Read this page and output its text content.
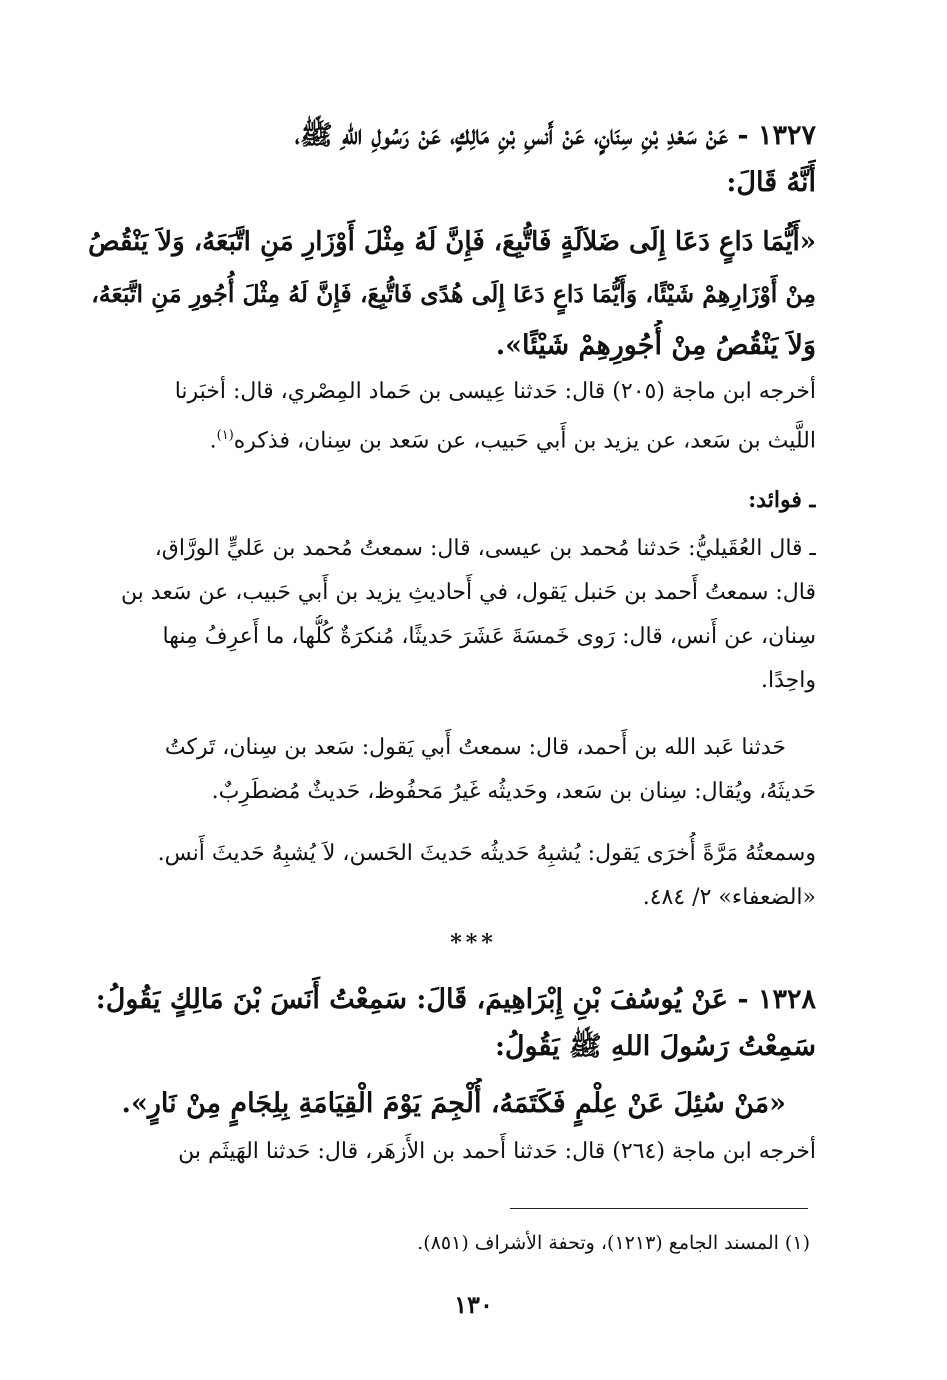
١٣٢٧ - عَنْ سَعْدِ بْنِ سِنَانٍ، عَنْ أَنسِ بْنِ مَالِكٍ، عَنْ رَسُولِ اللهِ ﷺ،
أَنَّهُ قَالَ:
«أَيُّمَا دَاعٍ دَعَا إِلَى ضَلاَلَةٍ فَاتُّبِعَ، فَإِنَّ لَهُ مِثْلَ أَوْزَارِ مَنِ اتَّبَعَهُ، وَلاَ يَنْقُصُ
مِنْ أَوْزَارِهِمْ شَيْئًا، وَأَيُّمَا دَاعٍ دَعَا إِلَى هُدًى فَاتُّبِعَ، فَإِنَّ لَهُ مِثْلَ أُجُورِ مَنِ اتَّبَعَهُ،
وَلاَ يَنْقُصُ مِنْ أُجُورِهِمْ شَيْئًا».
أخرجه ابن ماجة (٢٠٥) قال: حَدثنا عِيسى بن حَماد المِصْري، قال: أخبَرنا
اللَّيث بن سَعد، عن يزيد بن أَبي حَبيب، عن سَعد بن سِنان، فذكره$^{(١)}$.
ـ فوائد:
ـ قال العُقَيليُّ: حَدثنا مُحمد بن عيسى، قال: سمعتُ مُحمد بن عَليٍّ الورَّاق،
قال: سمعتُ أَحمد بن حَنبل يَقول، في أَحاديثِ يزيد بن أَبي حَبيب، عن سَعد بن
سِنان، عن أَنس، قال: رَوى خَمسَةَ عَشَرَ حَديثًا، مُنكرَةٌ كُلُّها، ما أَعرِفُ مِنها
واحِدًا.
حَدثنا عَبد الله بن أَحمد، قال: سمعتُ أَبي يَقول: سَعد بن سِنان، تَركتُ
حَديثَهُ، ويُقال: سِنان بن سَعد، وحَديثُه غَيرُ مَحفُوظ، حَديثٌ مُضطَرِبٌ.
وسمعتُهُ مَرَّةً أُخرَى يَقول: يُشبِهُ حَديثُه حَديثَ الحَسن، لاَ يُشبِهُ حَديثَ أَنس.
«الضعفاء» ٢/ ٤٨٤.
***
١٣٢٨ - عَنْ يُوسُفَ بْنِ إِبْرَاهِيمَ، قَالَ: سَمِعْتُ أَنَسَ بْنَ مَالِكٍ يَقُولُ:
سَمِعْتُ رَسُولَ اللهِ ﷺ يَقُولُ:
«مَنْ سُئِلَ عَنْ عِلْمٍ فَكَتَمَهُ، أُلْجِمَ يَوْمَ الْقِيَامَةِ بِلِجَامٍ مِنْ نَارٍ».
أخرجه ابن ماجة (٢٦٤) قال: حَدثنا أَحمد بن الأَزهَر، قال: حَدثنا الهَيثَم بن
(١) المسند الجامع (١٢١٣)، وتحفة الأشراف (٨٥١).
١٣٠
